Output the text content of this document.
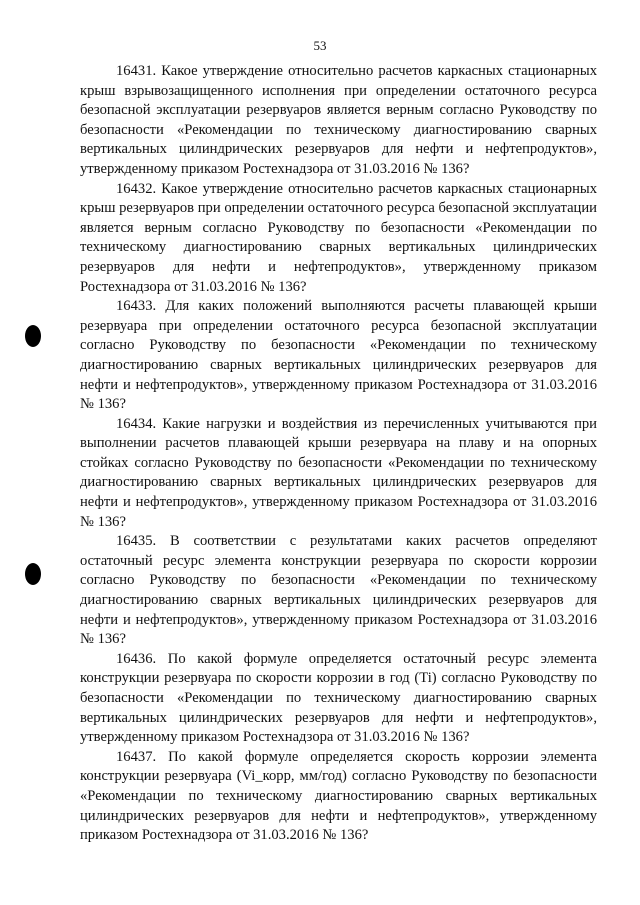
53

16431. Какое утверждение относительно расчетов каркасных стационарных крыш взрывозащищенного исполнения при определении остаточного ресурса безопасной эксплуатации резервуаров является верным согласно Руководству по безопасности «Рекомендации по техническому диагностированию сварных вертикальных цилиндрических резервуаров для нефти и нефтепродуктов», утвержденному приказом Ростехнадзора от 31.03.2016 № 136?

16432. Какое утверждение относительно расчетов каркасных стационарных крыш резервуаров при определении остаточного ресурса безопасной эксплуатации является верным согласно Руководству по безопасности «Рекомендации по техническому диагностированию сварных вертикальных цилиндрических резервуаров для нефти и нефтепродуктов», утвержденному приказом Ростехнадзора от 31.03.2016 № 136?

16433. Для каких положений выполняются расчеты плавающей крыши резервуара при определении остаточного ресурса безопасной эксплуатации согласно Руководству по безопасности «Рекомендации по техническому диагностированию сварных вертикальных цилиндрических резервуаров для нефти и нефтепродуктов», утвержденному приказом Ростехнадзора от 31.03.2016 № 136?

16434. Какие нагрузки и воздействия из перечисленных учитываются при выполнении расчетов плавающей крыши резервуара на плаву и на опорных стойках согласно Руководству по безопасности «Рекомендации по техническому диагностированию сварных вертикальных цилиндрических резервуаров для нефти и нефтепродуктов», утвержденному приказом Ростехнадзора от 31.03.2016 № 136?

16435. В соответствии с результатами каких расчетов определяют остаточный ресурс элемента конструкции резервуара по скорости коррозии согласно Руководству по безопасности «Рекомендации по техническому диагностированию сварных вертикальных цилиндрических резервуаров для нефти и нефтепродуктов», утвержденному приказом Ростехнадзора от 31.03.2016 № 136?

16436. По какой формуле определяется остаточный ресурс элемента конструкции резервуара по скорости коррозии в год (Ti) согласно Руководству по безопасности «Рекомендации по техническому диагностированию сварных вертикальных цилиндрических резервуаров для нефти и нефтепродуктов», утвержденному приказом Ростехнадзора от 31.03.2016 № 136?

16437. По какой формуле определяется скорость коррозии элемента конструкции резервуара (Vi_корр, мм/год) согласно Руководству по безопасности «Рекомендации по техническому диагностированию сварных вертикальных цилиндрических резервуаров для нефти и нефтепродуктов», утвержденному приказом Ростехнадзора от 31.03.2016 № 136?
